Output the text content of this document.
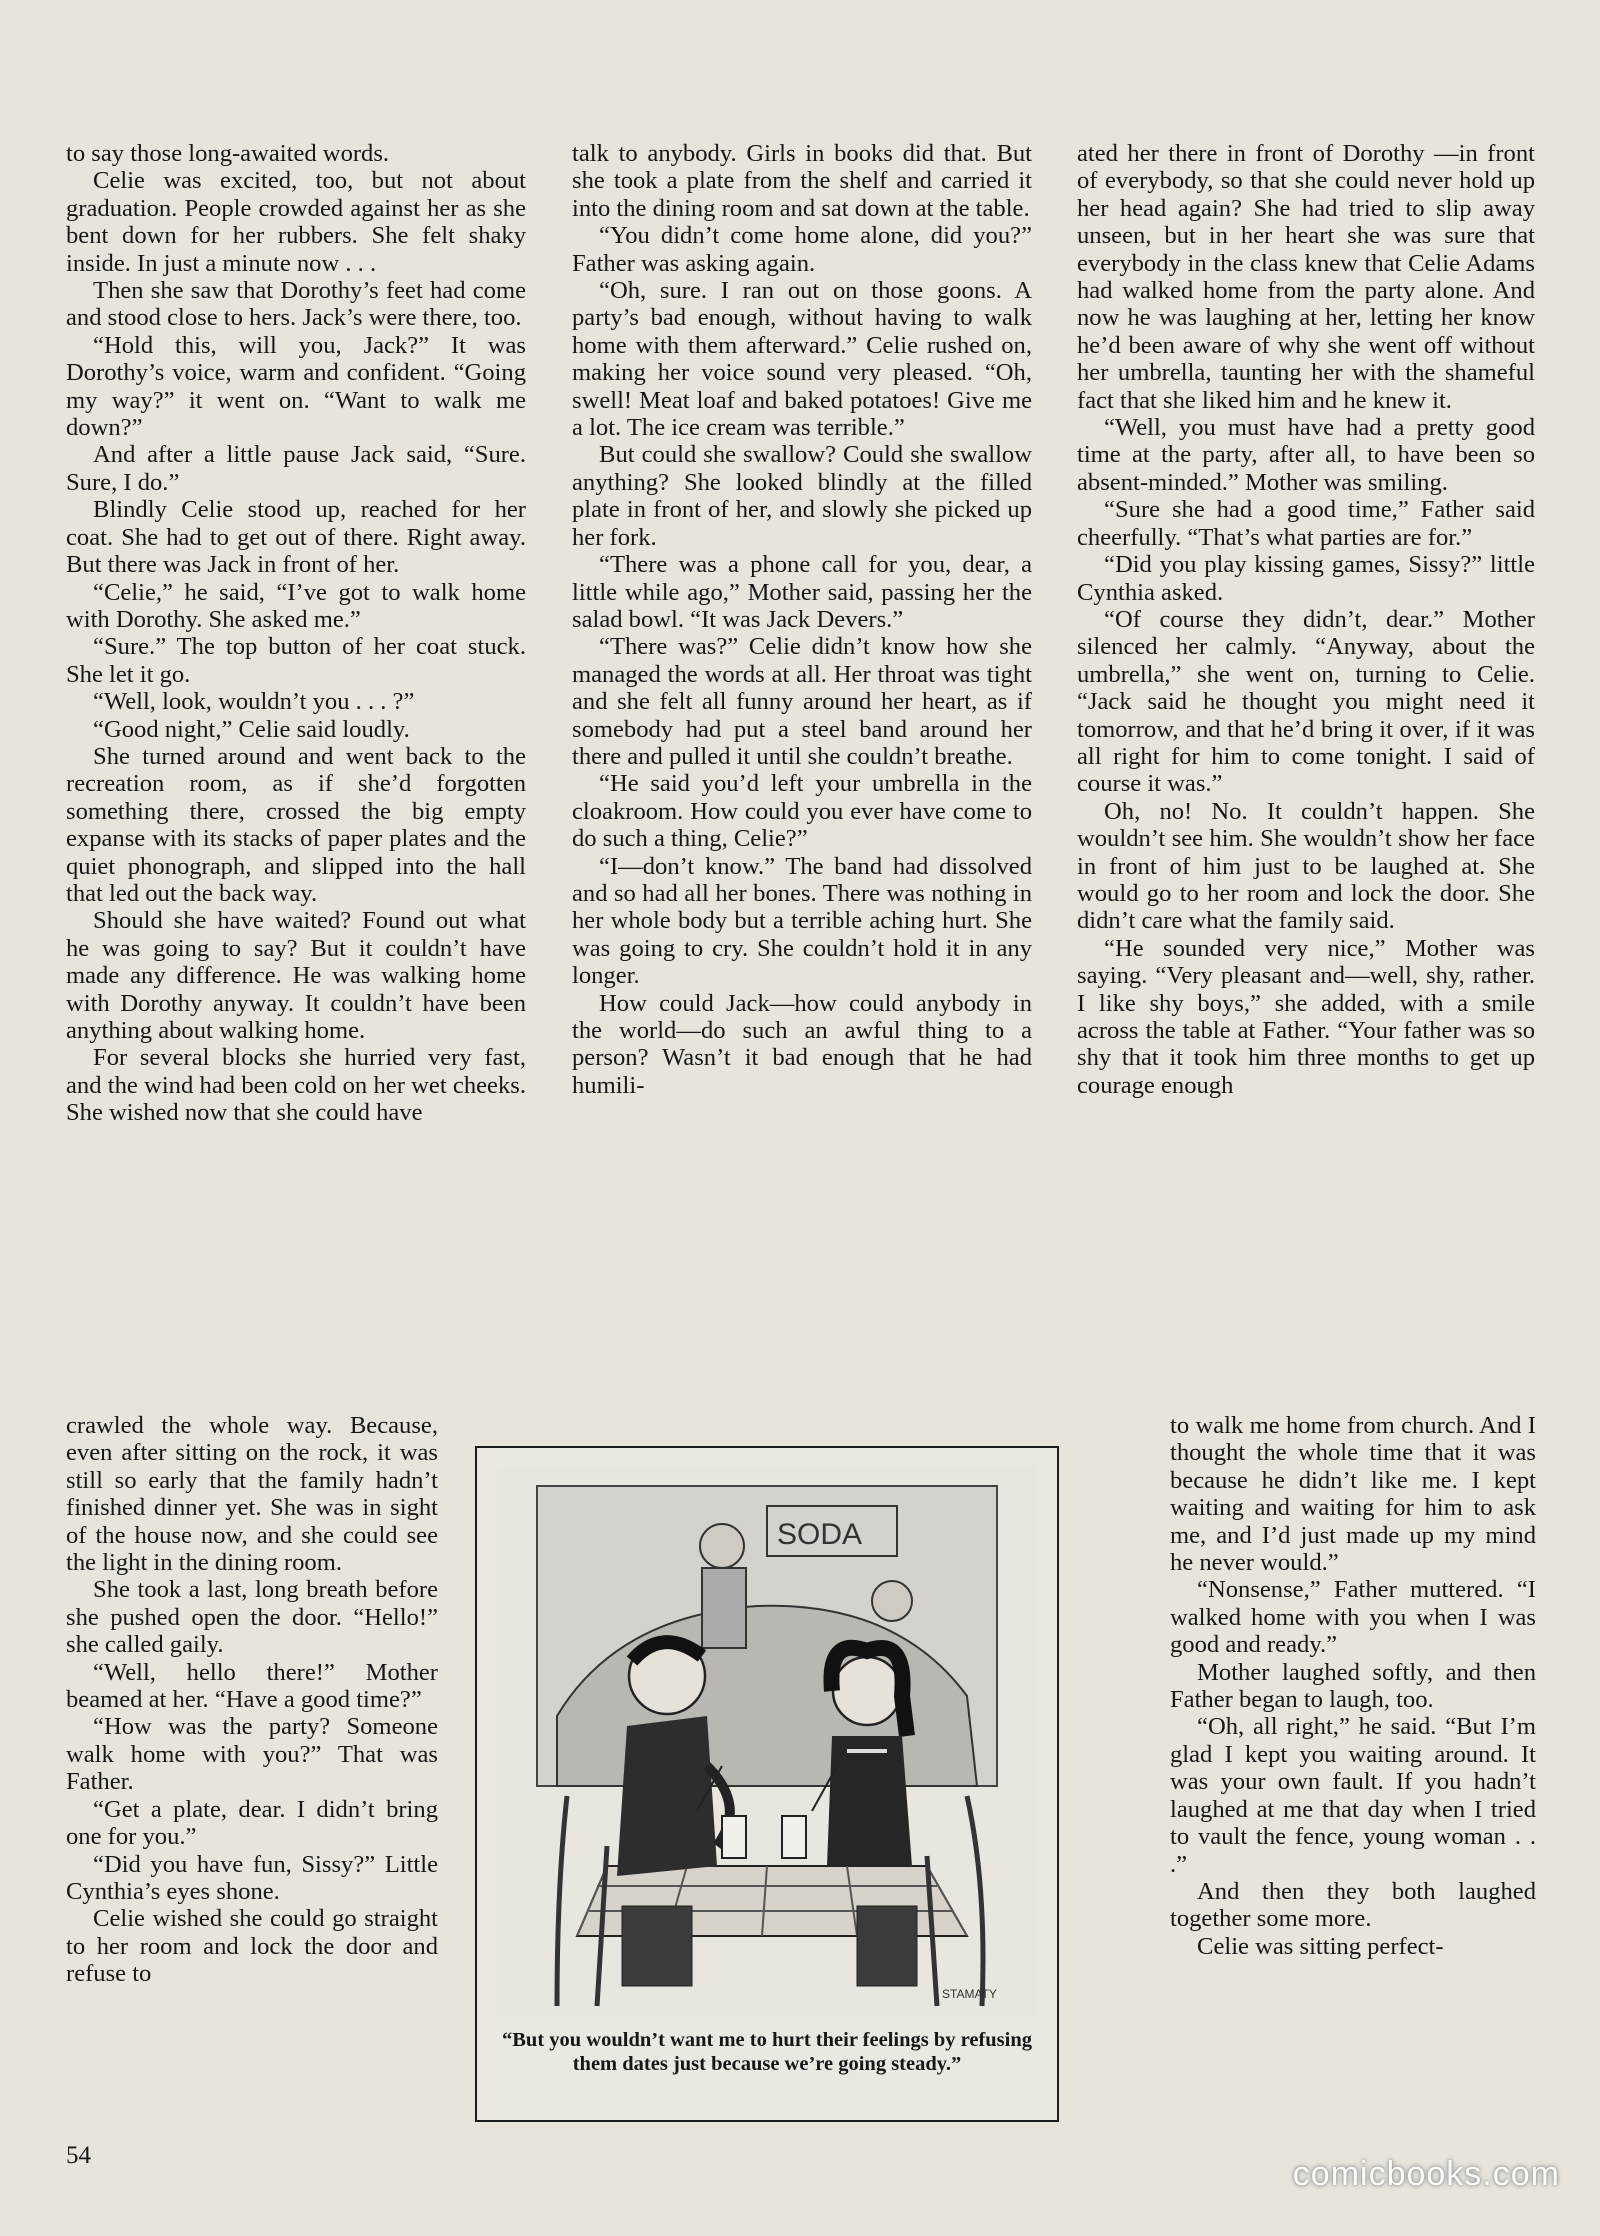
to say those long-awaited words.

Celie was excited, too, but not about graduation. People crowded against her as she bent down for her rubbers. She felt shaky inside. In just a minute now . . .

Then she saw that Dorothy’s feet had come and stood close to hers. Jack’s were there, too.

“Hold this, will you, Jack?” It was Dorothy’s voice, warm and confident. “Going my way?” it went on. “Want to walk me down?”

And after a little pause Jack said, “Sure. Sure, I do.”

Blindly Celie stood up, reached for her coat. She had to get out of there. Right away. But there was Jack in front of her.

“Celie,” he said, “I’ve got to walk home with Dorothy. She asked me.”

“Sure.” The top button of her coat stuck. She let it go.

“Well, look, wouldn’t you . . . ?”

“Good night,” Celie said loudly.

She turned around and went back to the recreation room, as if she’d forgotten something there, crossed the big empty expanse with its stacks of paper plates and the quiet phonograph, and slipped into the hall that led out the back way.

Should she have waited? Found out what he was going to say? But it couldn’t have made any difference. He was walking home with Dorothy anyway. It couldn’t have been anything about walking home.

For several blocks she hurried very fast, and the wind had been cold on her wet cheeks. She wished now that she could have

crawled the whole way. Because, even after sitting on the rock, it was still so early that the family hadn’t finished dinner yet. She was in sight of the house now, and she could see the light in the dining room.

She took a last, long breath before she pushed open the door. “Hello!” she called gaily.

“Well, hello there!” Mother beamed at her. “Have a good time?”

“How was the party? Someone walk home with you?” That was Father.

“Get a plate, dear. I didn’t bring one for you.”

“Did you have fun, Sissy?” Little Cynthia’s eyes shone.

Celie wished she could go straight to her room and lock the door and refuse to

talk to anybody. Girls in books did that. But she took a plate from the shelf and carried it into the dining room and sat down at the table.

“You didn’t come home alone, did you?” Father was asking again.

“Oh, sure. I ran out on those goons. A party’s bad enough, without having to walk home with them afterward.” Celie rushed on, making her voice sound very pleased. “Oh, swell! Meat loaf and baked potatoes! Give me a lot. The ice cream was terrible.”

But could she swallow? Could she swallow anything? She looked blindly at the filled plate in front of her, and slowly she picked up her fork.

“There was a phone call for you, dear, a little while ago,” Mother said, passing her the salad bowl. “It was Jack Devers.”

“There was?” Celie didn’t know how she managed the words at all. Her throat was tight and she felt all funny around her heart, as if somebody had put a steel band around her there and pulled it until she couldn’t breathe.

“He said you’d left your umbrella in the cloakroom. How could you ever have come to do such a thing, Celie?”

“I—don’t know.” The band had dissolved and so had all her bones. There was nothing in her whole body but a terrible aching hurt. She was going to cry. She couldn’t hold it in any longer.

How could Jack—how could anybody in the world—do such an awful thing to a person? Wasn’t it bad enough that he had humili-

ated her there in front of Dorothy —in front of everybody, so that she could never hold up her head again? She had tried to slip away unseen, but in her heart she was sure that everybody in the class knew that Celie Adams had walked home from the party alone. And now he was laughing at her, letting her know he’d been aware of why she went off without her umbrella, taunting her with the shameful fact that she liked him and he knew it.

“Well, you must have had a pretty good time at the party, after all, to have been so absent-minded.” Mother was smiling.

“Sure she had a good time,” Father said cheerfully. “That’s what parties are for.”

“Did you play kissing games, Sissy?” little Cynthia asked.

“Of course they didn’t, dear.” Mother silenced her calmly. “Anyway, about the umbrella,” she went on, turning to Celie. “Jack said he thought you might need it tomorrow, and that he’d bring it over, if it was all right for him to come tonight. I said of course it was.”

Oh, no! No. It couldn’t happen. She wouldn’t see him. She wouldn’t show her face in front of him just to be laughed at. She would go to her room and lock the door. She didn’t care what the family said.

“He sounded very nice,” Mother was saying. “Very pleasant and—well, shy, rather. I like shy boys,” she added, with a smile across the table at Father. “Your father was so shy that it took him three months to get up courage enough

to walk me home from church. And I thought the whole time that it was because he didn’t like me. I kept waiting and waiting for him to ask me, and I’d just made up my mind he never would.”

“Nonsense,” Father muttered. “I walked home with you when I was good and ready.”

Mother laughed softly, and then Father began to laugh, too.

“Oh, all right,” he said. “But I’m glad I kept you waiting around. It was your own fault. If you hadn’t laughed at me that day when I tried to vault the fence, young woman . . .”

And then they both laughed together some more.

Celie was sitting perfect-

SODA
STAMATY
“But you wouldn’t want me to hurt their feelings by refusing them dates just because we’re going steady.”
54	comicbooks.com
